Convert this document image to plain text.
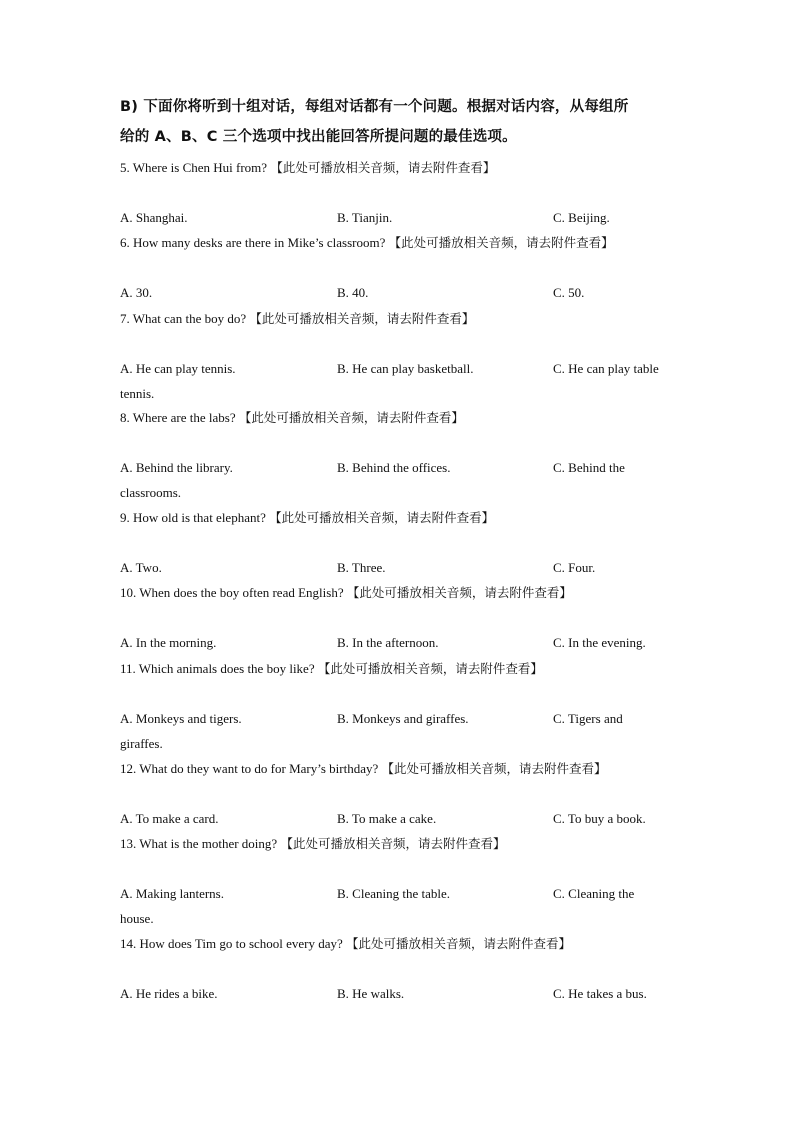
B) 下面你将听到十组对话，每组对话都有一个问题。根据对话内容，从每组所
给的 A、B、C 三个选项中找出能回答所提问题的最佳选项。
5. Where is Chen Hui from? 【此处可播放相关音频，请去附件查看】
A. Shanghai.	B. Tianjin.	C. Beijing.
6. How many desks are there in Mike’s classroom? 【此处可播放相关音频，请去附件查看】
A. 30.	B. 40.	C. 50.
7. What can the boy do? 【此处可播放相关音频，请去附件查看】
A. He can play tennis.	B. He can play basketball.	C. He can play table
tennis.
8. Where are the labs? 【此处可播放相关音频，请去附件查看】
A. Behind the library.	B. Behind the offices.	C. Behind the
classrooms.
9. How old is that elephant? 【此处可播放相关音频，请去附件查看】
A. Two.	B. Three.	C. Four.
10. When does the boy often read English? 【此处可播放相关音频，请去附件查看】
A. In the morning.	B. In the afternoon.	C. In the evening.
11. Which animals does the boy like? 【此处可播放相关音频，请去附件查看】
A. Monkeys and tigers.	B. Monkeys and giraffes.	C. Tigers and
giraffes.
12. What do they want to do for Mary’s birthday? 【此处可播放相关音频，请去附件查看】
A. To make a card.	B. To make a cake.	C. To buy a book.
13. What is the mother doing? 【此处可播放相关音频，请去附件查看】
A. Making lanterns.	B. Cleaning the table.	C. Cleaning the
house.
14. How does Tim go to school every day? 【此处可播放相关音频，请去附件查看】
A. He rides a bike.	B. He walks.	C. He takes a bus.
